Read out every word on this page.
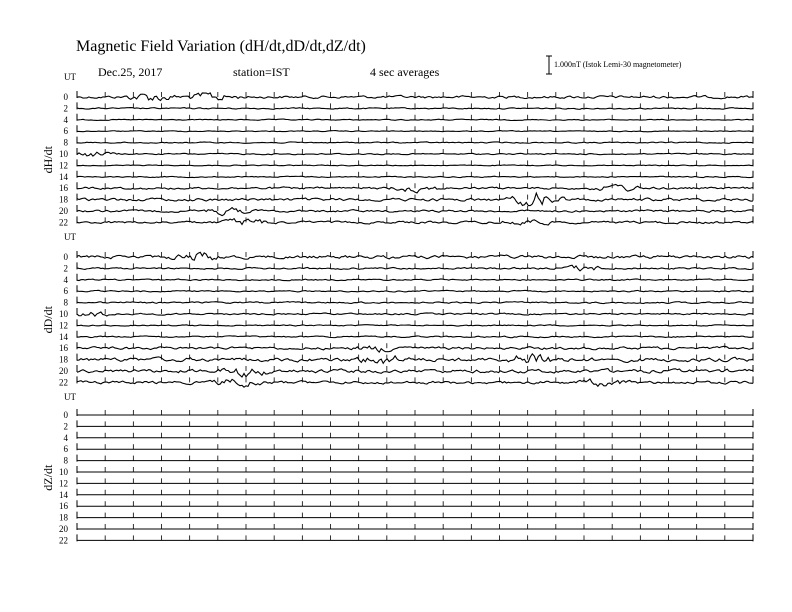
Magnetic Field Variation (dH/dt,dD/dt,dZ/dt)
Dec.25, 2017	station=IST	4 sec averages
1.000nT (Istok Lemi-30 magnetometer)
UT
dH/dt
0
2
4
6
8
10
12
14
16
18
20
22
UT
dD/dt
0
2
4
6
8
10
12
14
16
18
20
22
UT
dZ/dt
0
2
4
6
8
10
12
14
16
18
20
22
